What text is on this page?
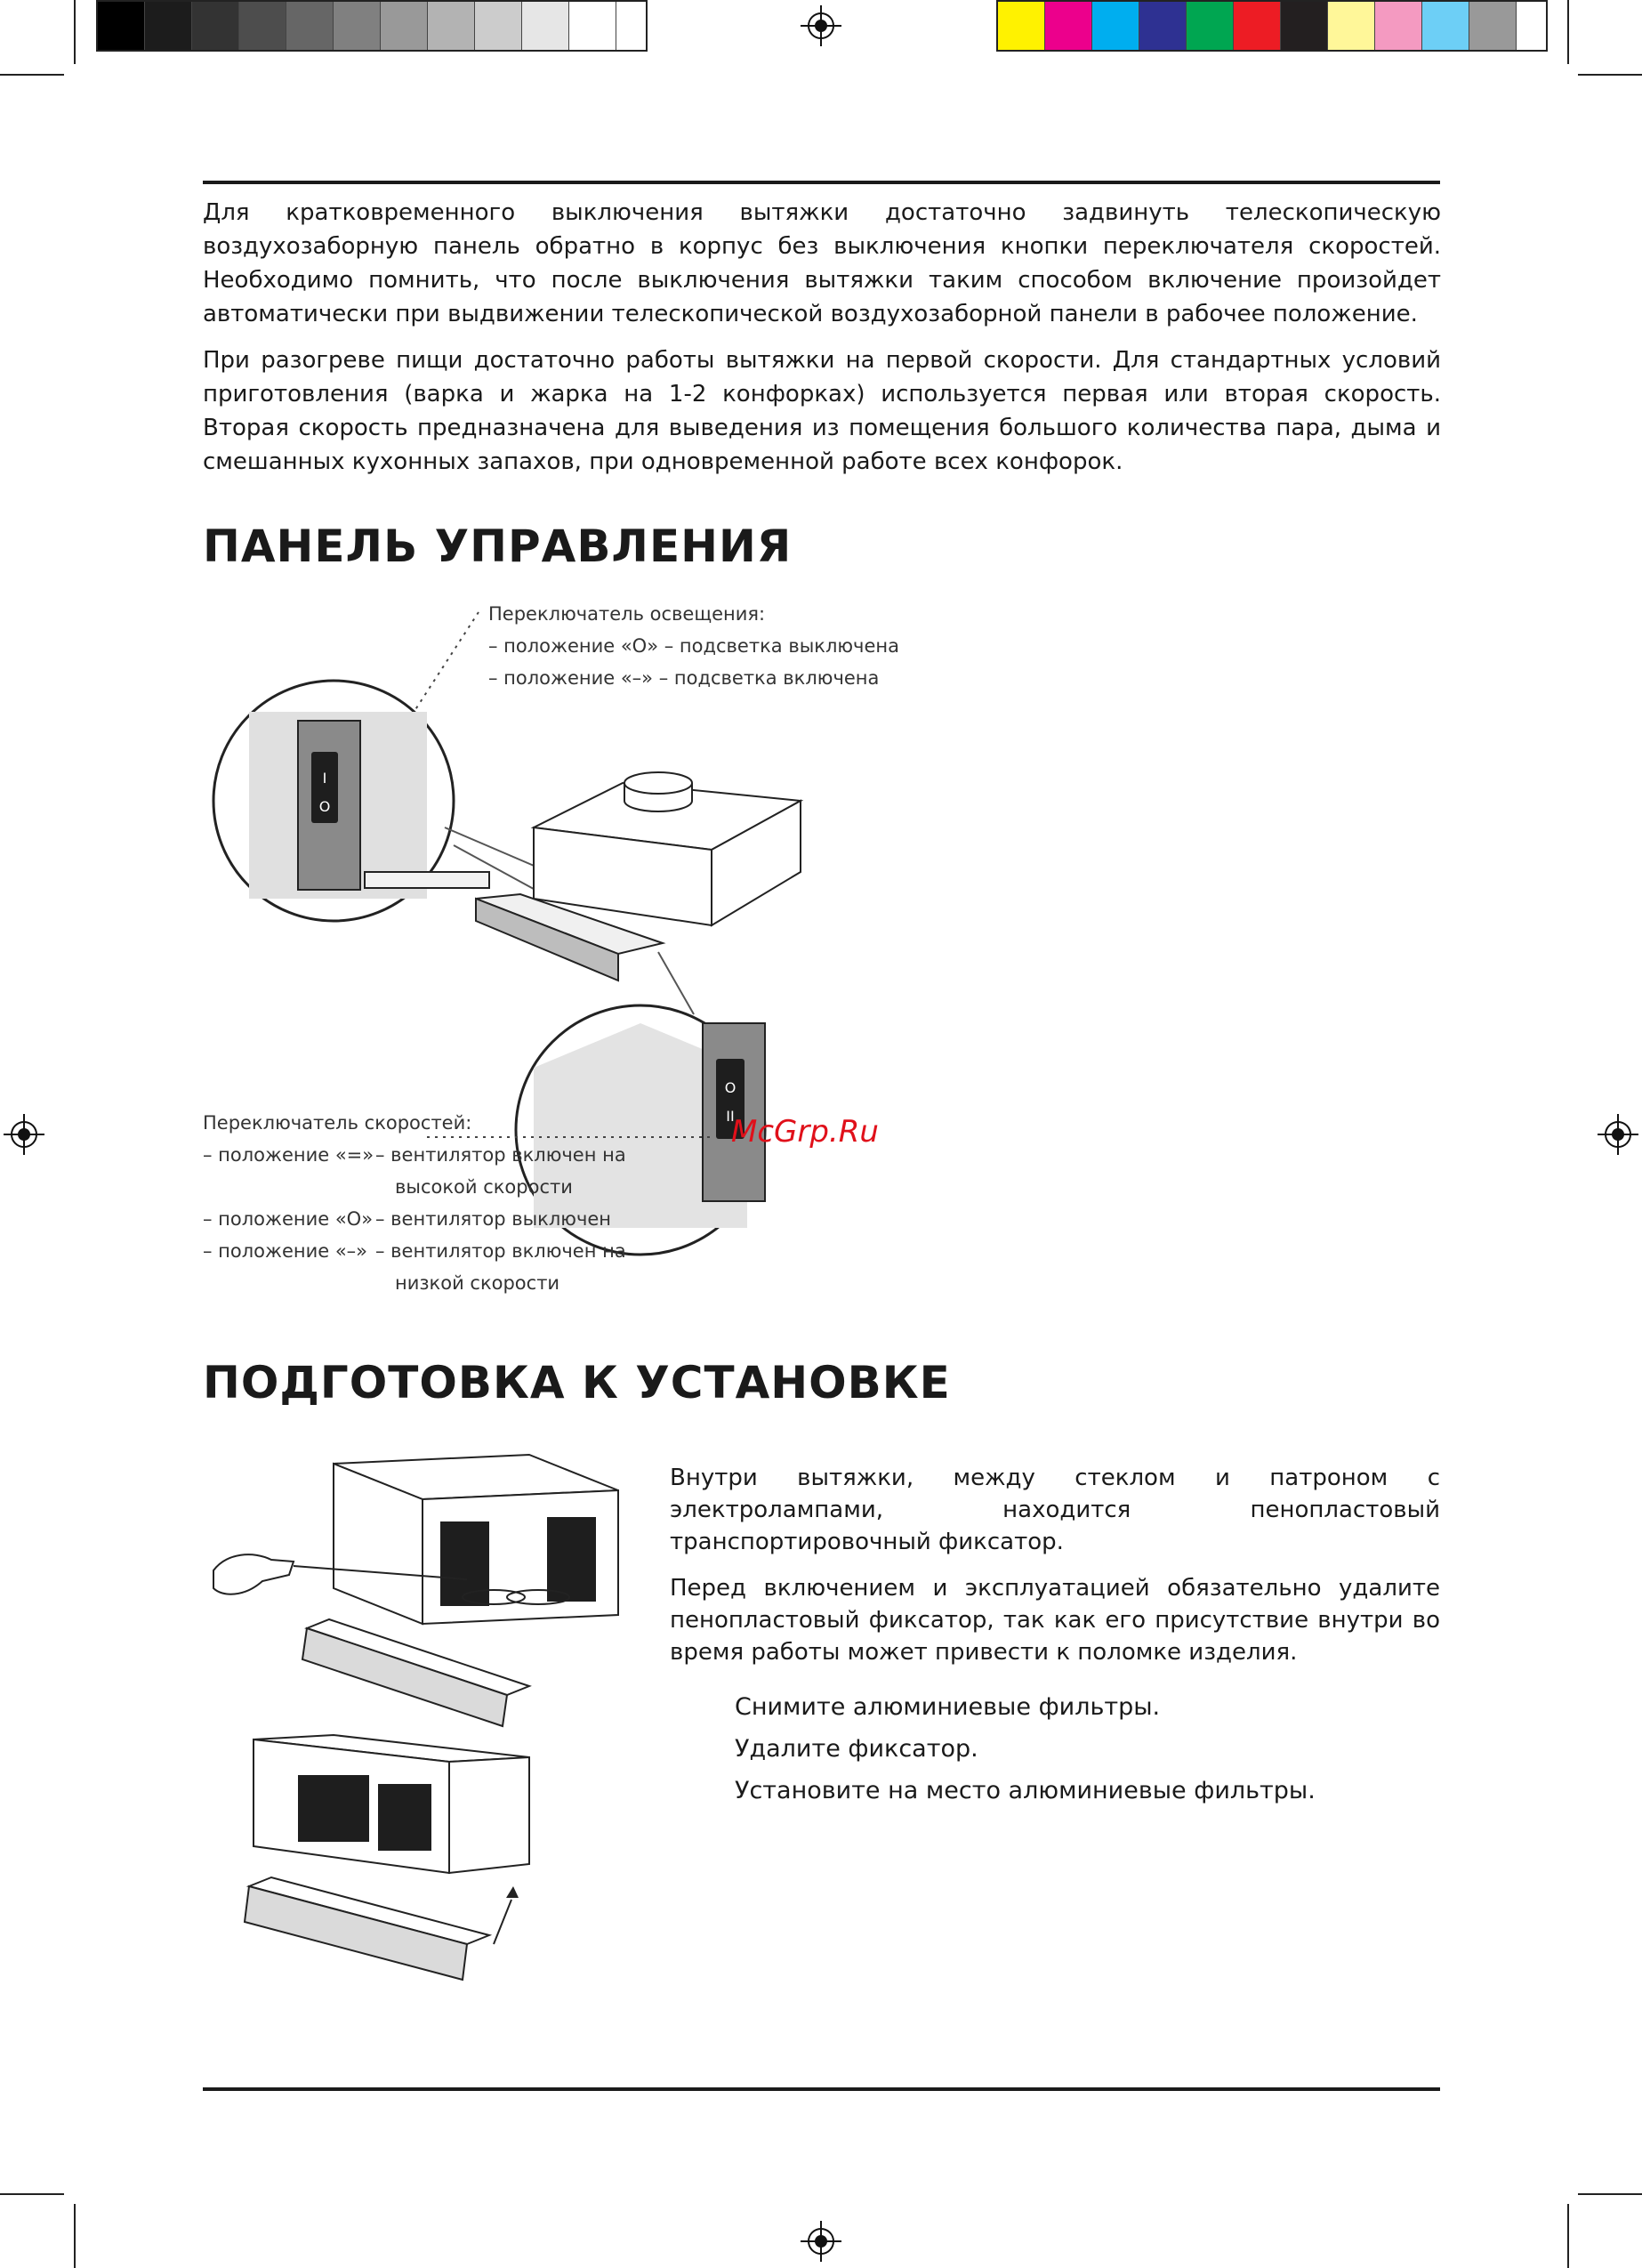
Для кратковременного выключения вытяжки достаточно задвинуть телескопическую воздухозаборную панель обратно в корпус без выключения кнопки переключателя скоростей. Необходимо помнить, что после выключения вытяжки таким способом включение произойдет автоматически при выдвижении телескопической воздухозаборной панели в рабочее положение.

При разогреве пищи достаточно работы вытяжки на первой скорости. Для стандартных условий приготовления (варка и жарка на 1-2 конфорках) используется первая или вторая скорость. Вторая скорость предназначена для выведения из помещения большого количества пара, дыма и смешанных кухонных запахов, при одновременной работе всех конфорок.

ПАНЕЛЬ УПРАВЛЕНИЯ
Переключатель освещения:
– положение «О» – подсветка выключена
– положение «–» – подсветка включена
I
O
O
II
McGrp.Ru
Переключатель скоростей:
– положение «=»
– положение «О»
– положение «–»
– вентилятор включен на
высокой скорости
– вентилятор выключен
– вентилятор включен на
низкой скорости
ПОДГОТОВКА К УСТАНОВКЕ

Внутри вытяжки, между стеклом и патроном с электролампами, находится пенопластовый транспортировочный фиксатор.

Перед включением и эксплуатацией обязательно удалите пенопластовый фиксатор, так как его присутствие внутри во время работы может привести к поломке изделия.

Снимите алюминиевые фильтры.
Удалите фиксатор.
Установите на место алюминиевые фильтры.
